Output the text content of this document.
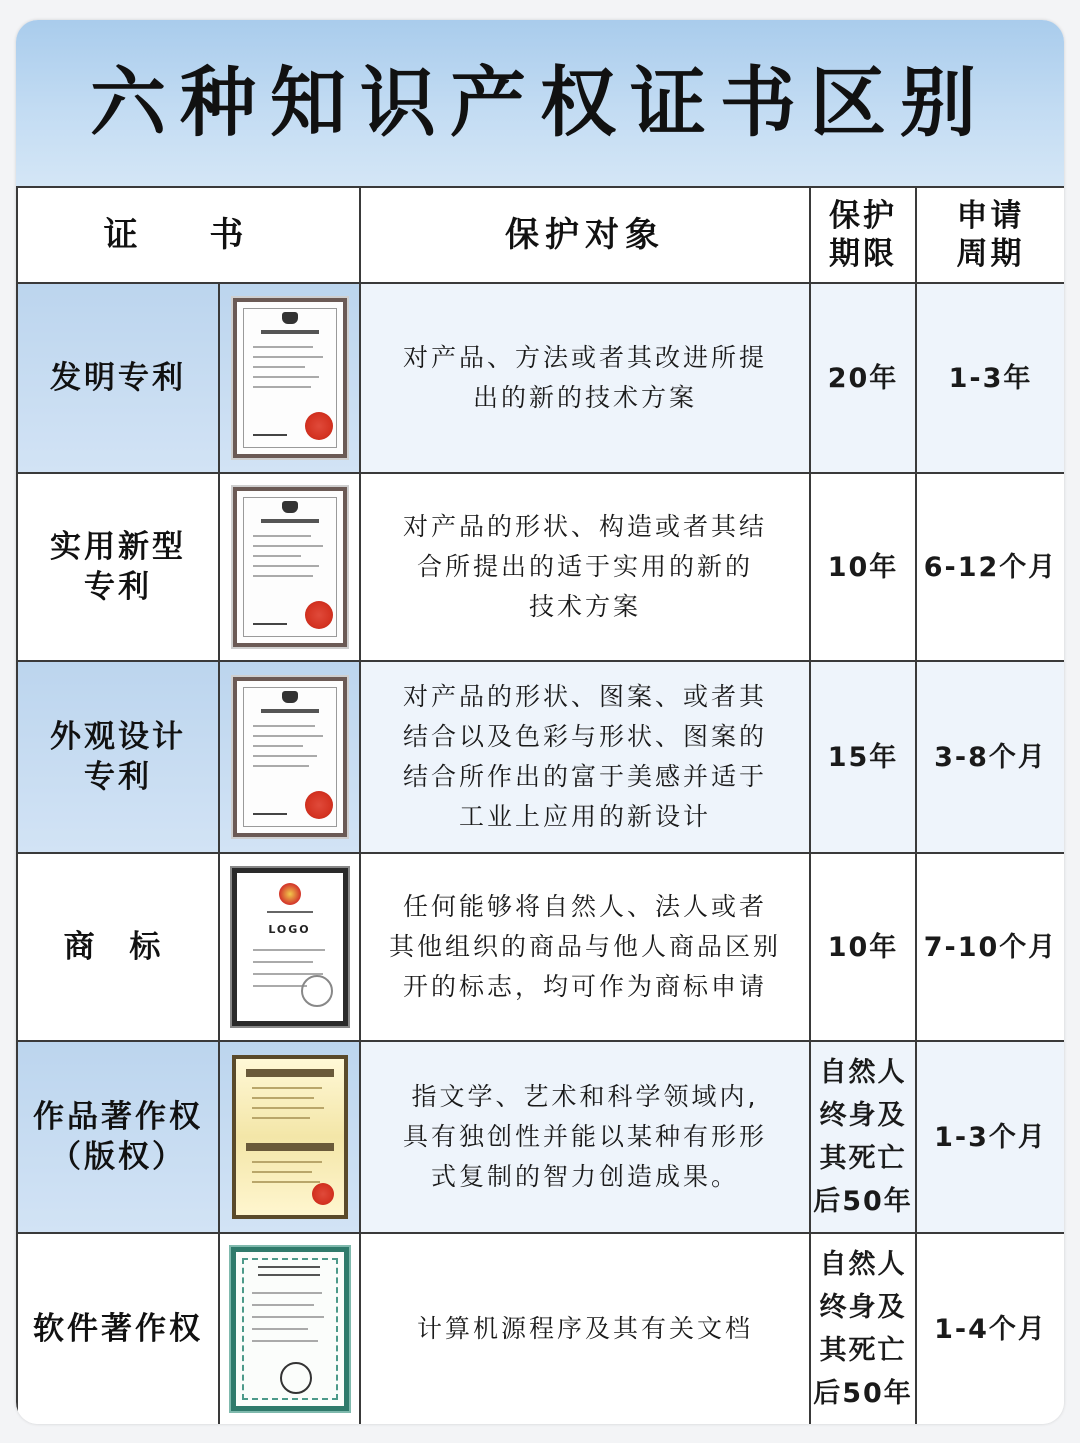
六种知识产权证书区别
证 书		保护对象	保护
期限	申请
周期

发明专利		对产品、方法或者其改进所提
出的新的技术方案	20年	1-3年

实用新型
专利		对产品的形状、构造或者其结
合所提出的适于实用的新的
技术方案	10年	6-12个月

外观设计
专利		对产品的形状、图案、或者其
结合以及色彩与形状、图案的
结合所作出的富于美感并适于
工业上应用的新设计	15年	3-8个月

商 标	LOGO	任何能够将自然人、法人或者
其他组织的商品与他人商品区别
开的标志，均可作为商标申请	10年	7-10个月

作品著作权
（版权）		指文学、艺术和科学领域内,
具有独创性并能以某种有形形
式复制的智力创造成果。	自然人
终身及
其死亡
后50年	1-3个月

软件著作权		计算机源程序及其有关文档	自然人
终身及
其死亡
后50年	1-4个月
